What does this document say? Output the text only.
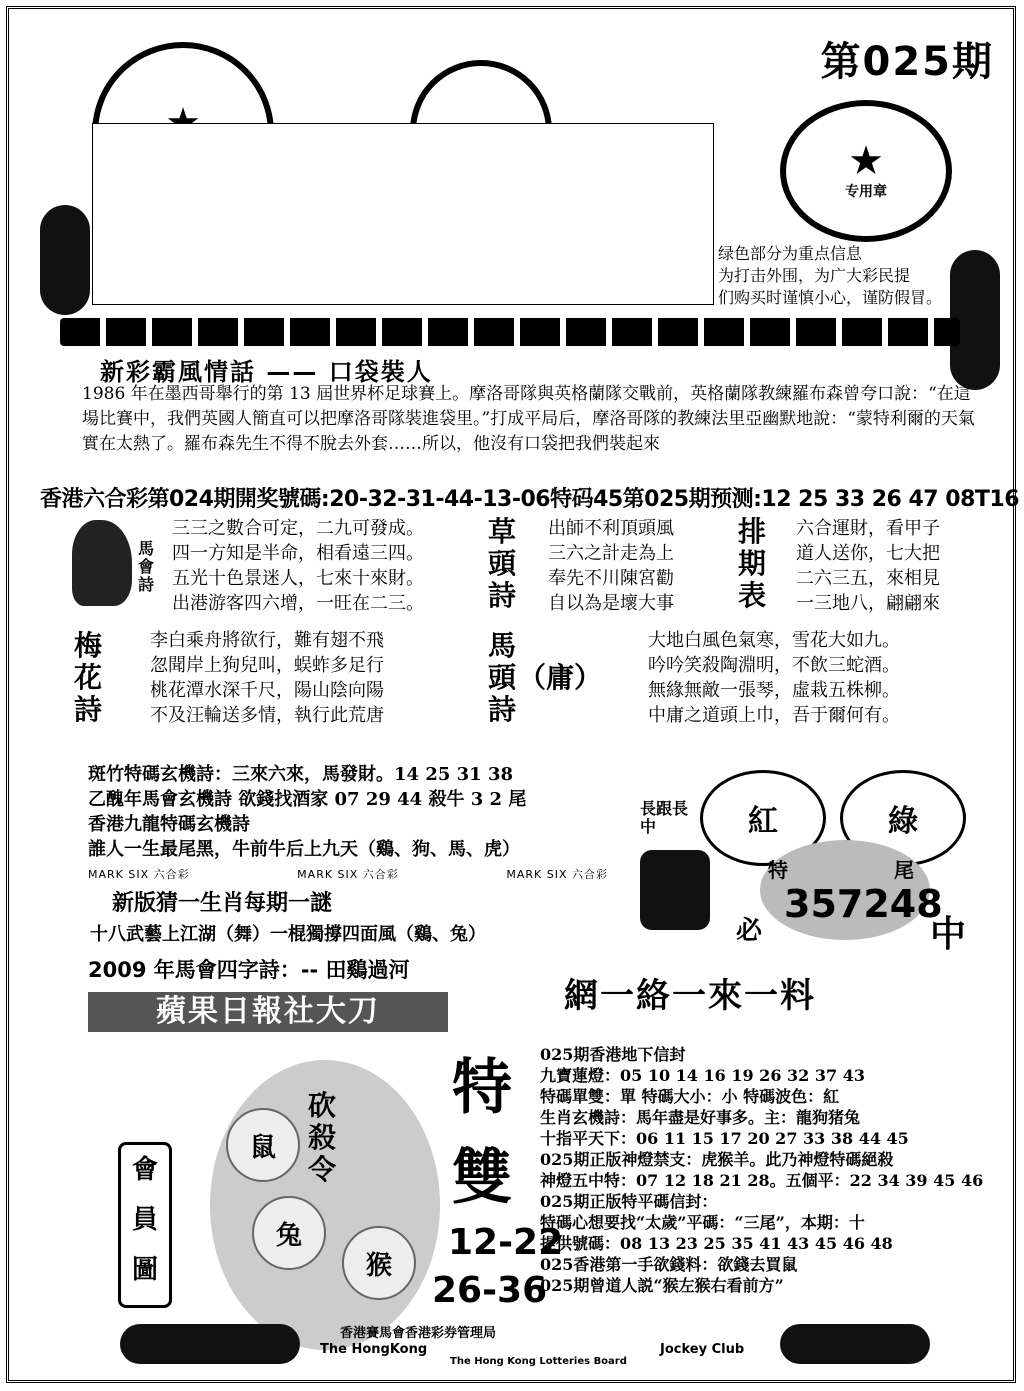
第025期
★
专用章
绿色部分为重点信息
为打击外围，为广大彩民提
们购买时谨慎小心，谨防假冒。
新彩霸風情話 —— 口袋裝人
1986 年在墨西哥舉行的第 13 屆世界杯足球賽上。摩洛哥隊與英格蘭隊交戰前，英格蘭隊教練羅布森曾夸口說：“在這場比賽中，我們英國人簡直可以把摩洛哥隊裝進袋里。”打成平局后，摩洛哥隊的教練法里亞幽默地說：“蒙特利爾的天氣實在太熱了。羅布森先生不得不脫去外套……所以，他沒有口袋把我們裝起來
香港六合彩第024期開奖號碼:20-32-31-44-13-06特码45第025期预测:12 25 33 26 47 08T16
馬會詩
三三之數合可定，二九可發成。
四一方知是半命，相看遠三四。
五光十色景迷人，七來十來財。
出港游客四六增，一旺在二三。
草頭詩
出師不利頂頭風
三六之計走為上
奉先不川陳宮勸
自以為是壞大事
排期表
六合運財，看甲子
道人送你，七大把
二六三五，來相見
一三地八，翩翩來
梅花詩
李白乘舟將欲行，難有翅不飛
忽聞岸上狗兒叫，蜈蚱多足行
桃花潭水深千尺，陽山陰向陽
不及汪輪送多情，執行此荒唐
馬頭詩
（庸）
大地白風色氣寒，雪花大如九。
吟吟笑殺陶淵明，不飲三蛇酒。
無緣無敵一張琴，虛栽五株柳。
中庸之道頭上巾，吾于爾何有。
斑竹特碼玄機詩：三來六來，馬發財。14 25 31 38
乙醜年馬會玄機詩 欲錢找酒家 07 29 44 殺牛 3 2 尾
香港九龍特碼玄機詩
誰人一生最尾黑，牛前牛后上九天（鷄、狗、馬、虎）
MARK SIX 六合彩	MARK SIX 六合彩	MARK SIX 六合彩
新版猜一生肖每期一謎
十八武藝上江湖（舞）一棍獨撐四面風（鷄、兔）
2009 年馬會四字詩：-- 田鷄過河
蘋果日報社大刀
長跟長中	紅	綠
特	尾
357248
必	中
網一絡一來一料
砍殺令
鼠
兔
猴
會員圖
特
雙
12-22
26-36
025期香港地下信封
九寶蓮燈：05 10 14 16 19 26 32 37 43
特碼單雙：單 特碼大小：小 特碼波色：紅
生肖玄機詩：馬年盡是好事多。主：龍狗猪兔
十指平天下：06 11 15 17 20 27 33 38 44 45
025期正版神燈禁支：虎猴羊。此乃神燈特碼絕殺
神燈五中特：07 12 18 21 28。五個平：22 34 39 45 46
025期正版特平碼信封：
特碼心想要找“太歲”平碼：“三尾”，本期：十
提供號碼：08 13 23 25 35 41 43 45 46 48
025香港第一手欲錢料：欲錢去買鼠
025期曾道人説“猴左猴右看前方”
香港賽馬會香港彩券管理局
The HongKong	Jockey Club
The Hong Kong Lotteries Board
